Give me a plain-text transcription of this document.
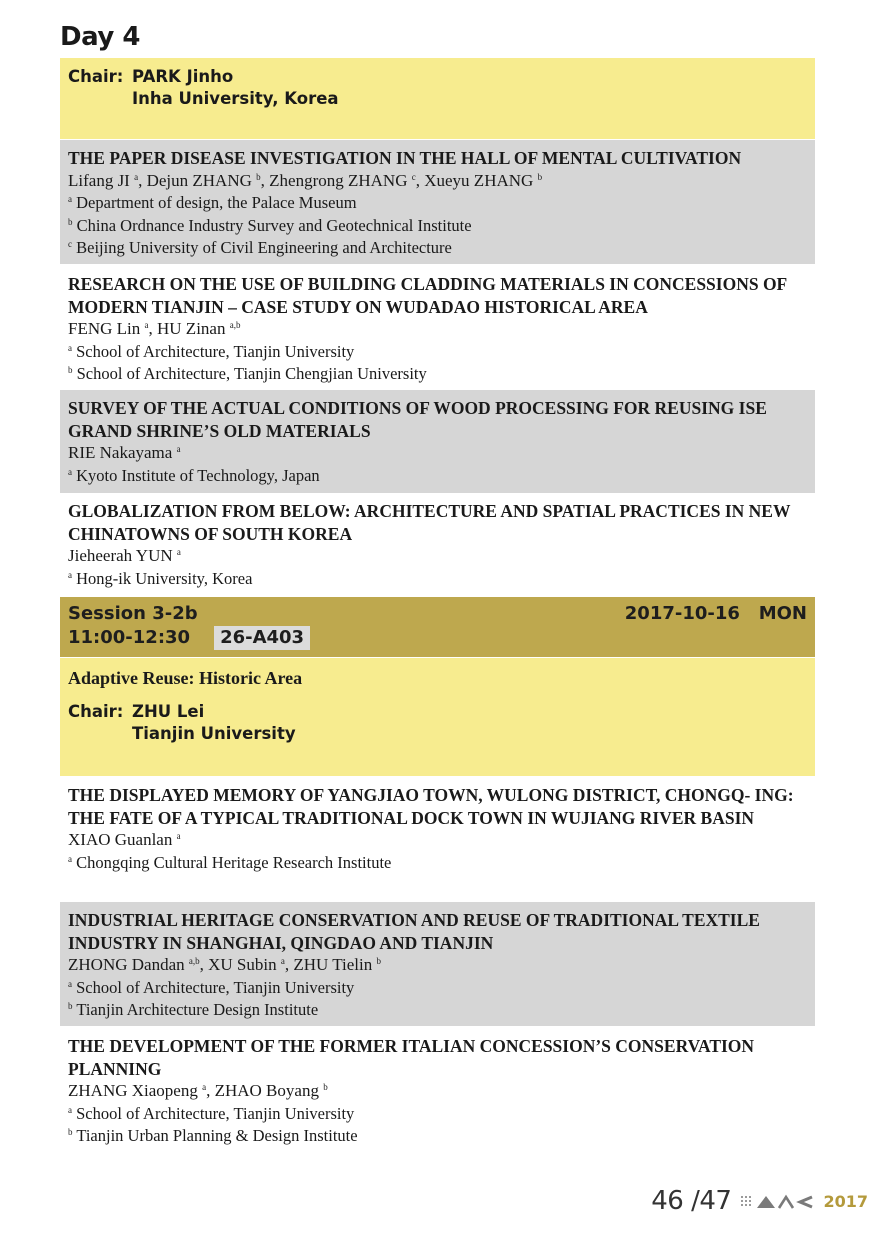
Day 4
Chair: PARK Jinho
Inha University, Korea
THE PAPER DISEASE INVESTIGATION IN THE HALL OF MENTAL CULTIVATION
Lifang JI $^a$, Dejun ZHANG $^b$, Zhengrong ZHANG $^c$, Xueyu ZHANG $^b$
$^a$ Department of design, the Palace Museum
$^b$ China Ordnance Industry Survey and Geotechnical Institute
$^c$ Beijing University of Civil Engineering and Architecture
RESEARCH ON THE USE OF BUILDING CLADDING MATERIALS IN CONCESSIONS OF MODERN TIANJIN – CASE STUDY ON WUDADAO HISTORICAL AREA
FENG Lin $^a$, HU Zinan $^{a,b}$
$^a$ School of Architecture, Tianjin University
$^b$ School of Architecture, Tianjin Chengjian University
SURVEY OF THE ACTUAL CONDITIONS OF WOOD PROCESSING FOR REUSING ISE GRAND SHRINE’S OLD MATERIALS
RIE Nakayama $^a$
$^a$ Kyoto Institute of Technology, Japan
GLOBALIZATION FROM BELOW: ARCHITECTURE AND SPATIAL PRACTICES IN NEW CHINATOWNS OF SOUTH KOREA
Jieheerah YUN $^a$
$^a$ Hong-ik University, Korea
Session 3-2b	2017-10-16 MON
11:00-12:30	26-A403
Adaptive Reuse: Historic Area
Chair: ZHU Lei
Tianjin University
THE DISPLAYED MEMORY OF YANGJIAO TOWN, WULONG DISTRICT, CHONGQ- ING: THE FATE OF A TYPICAL TRADITIONAL DOCK TOWN IN WUJIANG RIVER BASIN
XIAO Guanlan $^a$
$^a$ Chongqing Cultural Heritage Research Institute
INDUSTRIAL HERITAGE CONSERVATION AND REUSE OF TRADITIONAL TEXTILE INDUSTRY IN SHANGHAI, QINGDAO AND TIANJIN
ZHONG Dandan $^{a,b}$, XU Subin $^a$, ZHU Tielin $^b$
$^a$ School of Architecture, Tianjin University
$^b$ Tianjin Architecture Design Institute
THE DEVELOPMENT OF THE FORMER ITALIAN CONCESSION’S CONSERVATION PLANNING
ZHANG Xiaopeng $^a$, ZHAO Boyang $^b$
$^a$ School of Architecture, Tianjin University
$^b$ Tianjin Urban Planning & Design Institute
46 /47	2017
